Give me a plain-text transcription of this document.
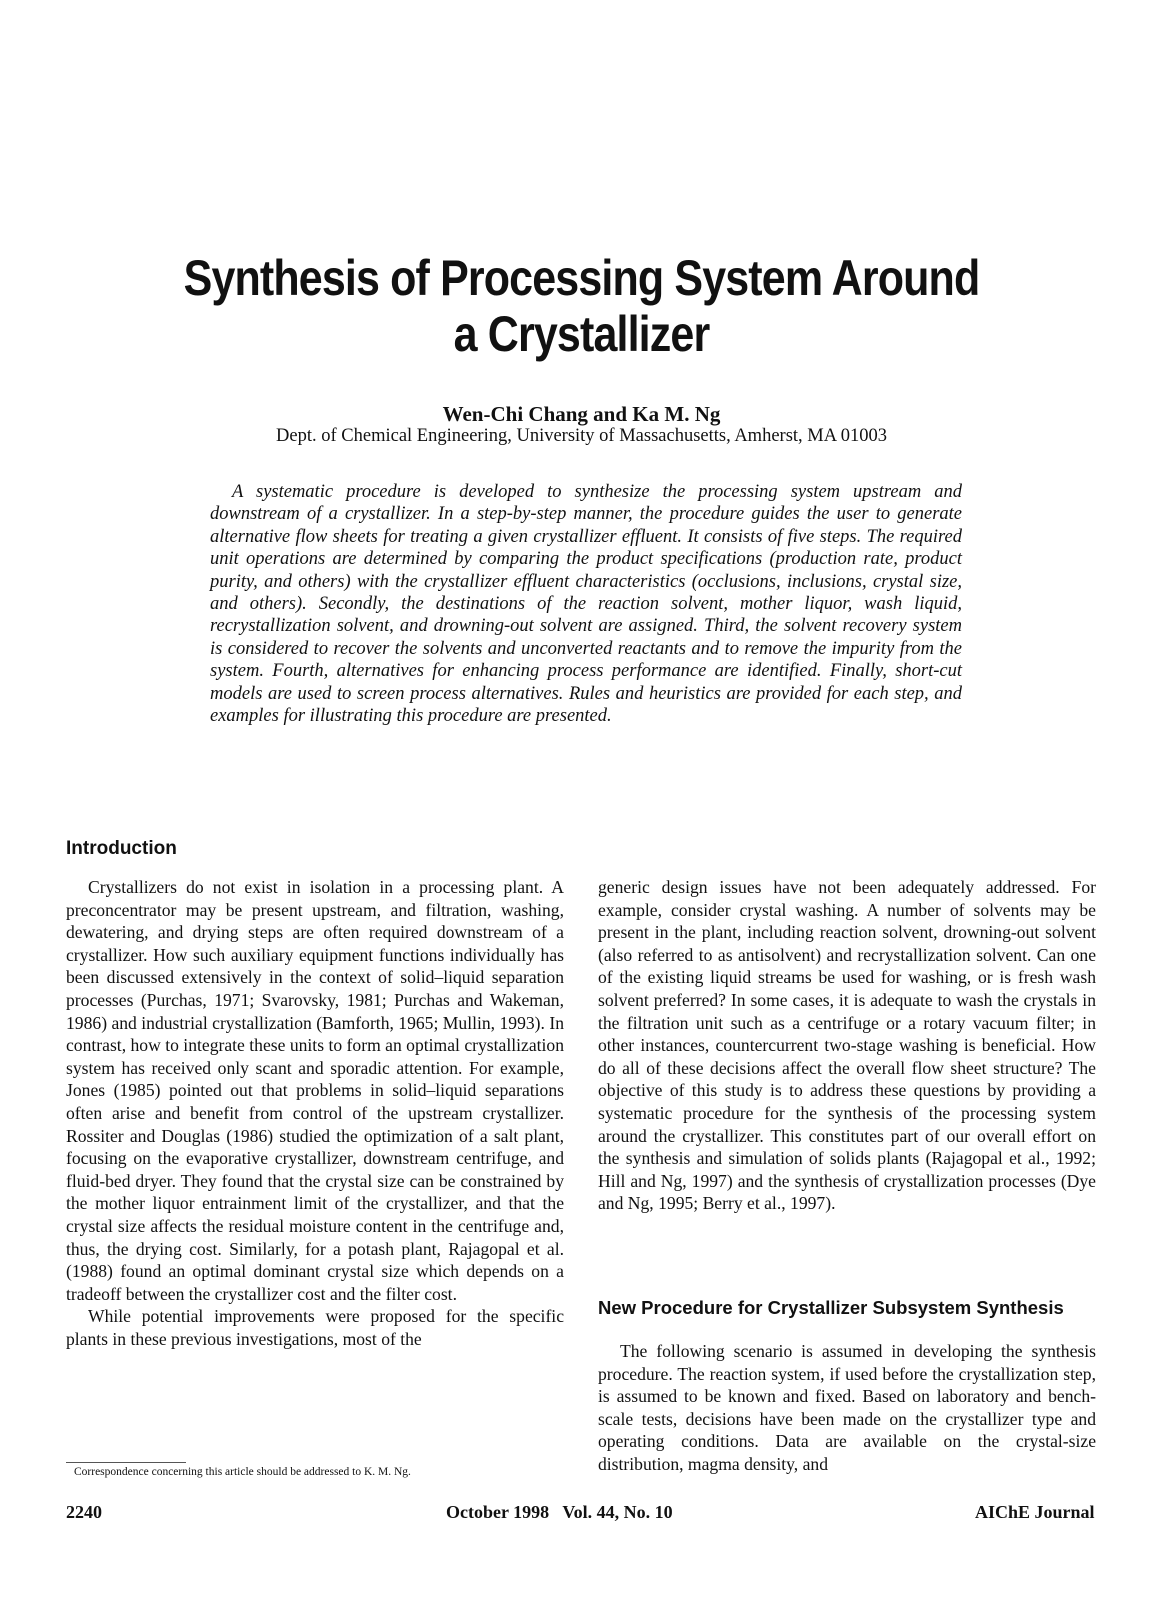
Synthesis of Processing System Around
a Crystallizer
Wen-Chi Chang and Ka M. Ng
Dept. of Chemical Engineering, University of Massachusetts, Amherst, MA 01003

A systematic procedure is developed to synthesize the processing system upstream and downstream of a crystallizer. In a step-by-step manner, the procedure guides the user to generate alternative flow sheets for treating a given crystallizer effluent. It consists of five steps. The required unit operations are determined by comparing the product specifications (production rate, product purity, and others) with the crystallizer effluent characteristics (occlusions, inclusions, crystal size, and others). Secondly, the destinations of the reaction solvent, mother liquor, wash liquid, recrystallization solvent, and drowning-out solvent are assigned. Third, the solvent recovery system is considered to recover the solvents and unconverted reactants and to remove the impurity from the system. Fourth, alternatives for enhancing process performance are identified. Finally, short-cut models are used to screen process alternatives. Rules and heuristics are provided for each step, and examples for illustrating this procedure are presented.

Introduction

Crystallizers do not exist in isolation in a processing plant. A preconcentrator may be present upstream, and filtration, washing, dewatering, and drying steps are often required downstream of a crystallizer. How such auxiliary equipment functions individually has been discussed extensively in the context of solid–liquid separation processes (Purchas, 1971; Svarovsky, 1981; Purchas and Wakeman, 1986) and industrial crystallization (Bamforth, 1965; Mullin, 1993). In contrast, how to integrate these units to form an optimal crystallization system has received only scant and sporadic attention. For example, Jones (1985) pointed out that problems in solid–liquid separations often arise and benefit from control of the upstream crystallizer. Rossiter and Douglas (1986) studied the optimization of a salt plant, focusing on the evaporative crystallizer, downstream centrifuge, and fluid-bed dryer. They found that the crystal size can be constrained by the mother liquor entrainment limit of the crystallizer, and that the crystal size affects the residual moisture content in the centrifuge and, thus, the drying cost. Similarly, for a potash plant, Rajagopal et al. (1988) found an optimal dominant crystal size which depends on a tradeoff between the crystallizer cost and the filter cost.

While potential improvements were proposed for the specific plants in these previous investigations, most of the

generic design issues have not been adequately addressed. For example, consider crystal washing. A number of solvents may be present in the plant, including reaction solvent, drowning-out solvent (also referred to as antisolvent) and recrystallization solvent. Can one of the existing liquid streams be used for washing, or is fresh wash solvent preferred? In some cases, it is adequate to wash the crystals in the filtration unit such as a centrifuge or a rotary vacuum filter; in other instances, countercurrent two-stage washing is beneficial. How do all of these decisions affect the overall flow sheet structure? The objective of this study is to address these questions by providing a systematic procedure for the synthesis of the processing system around the crystallizer. This constitutes part of our overall effort on the synthesis and simulation of solids plants (Rajagopal et al., 1992; Hill and Ng, 1997) and the synthesis of crystallization processes (Dye and Ng, 1995; Berry et al., 1997).

New Procedure for Crystallizer Subsystem Synthesis

The following scenario is assumed in developing the synthesis procedure. The reaction system, if used before the crystallization step, is assumed to be known and fixed. Based on laboratory and bench-scale tests, decisions have been made on the crystallizer type and operating conditions. Data are available on the crystal-size distribution, magma density, and

Correspondence concerning this article should be addressed to K. M. Ng.
2240	October 1998   Vol. 44, No. 10	AIChE Journal
